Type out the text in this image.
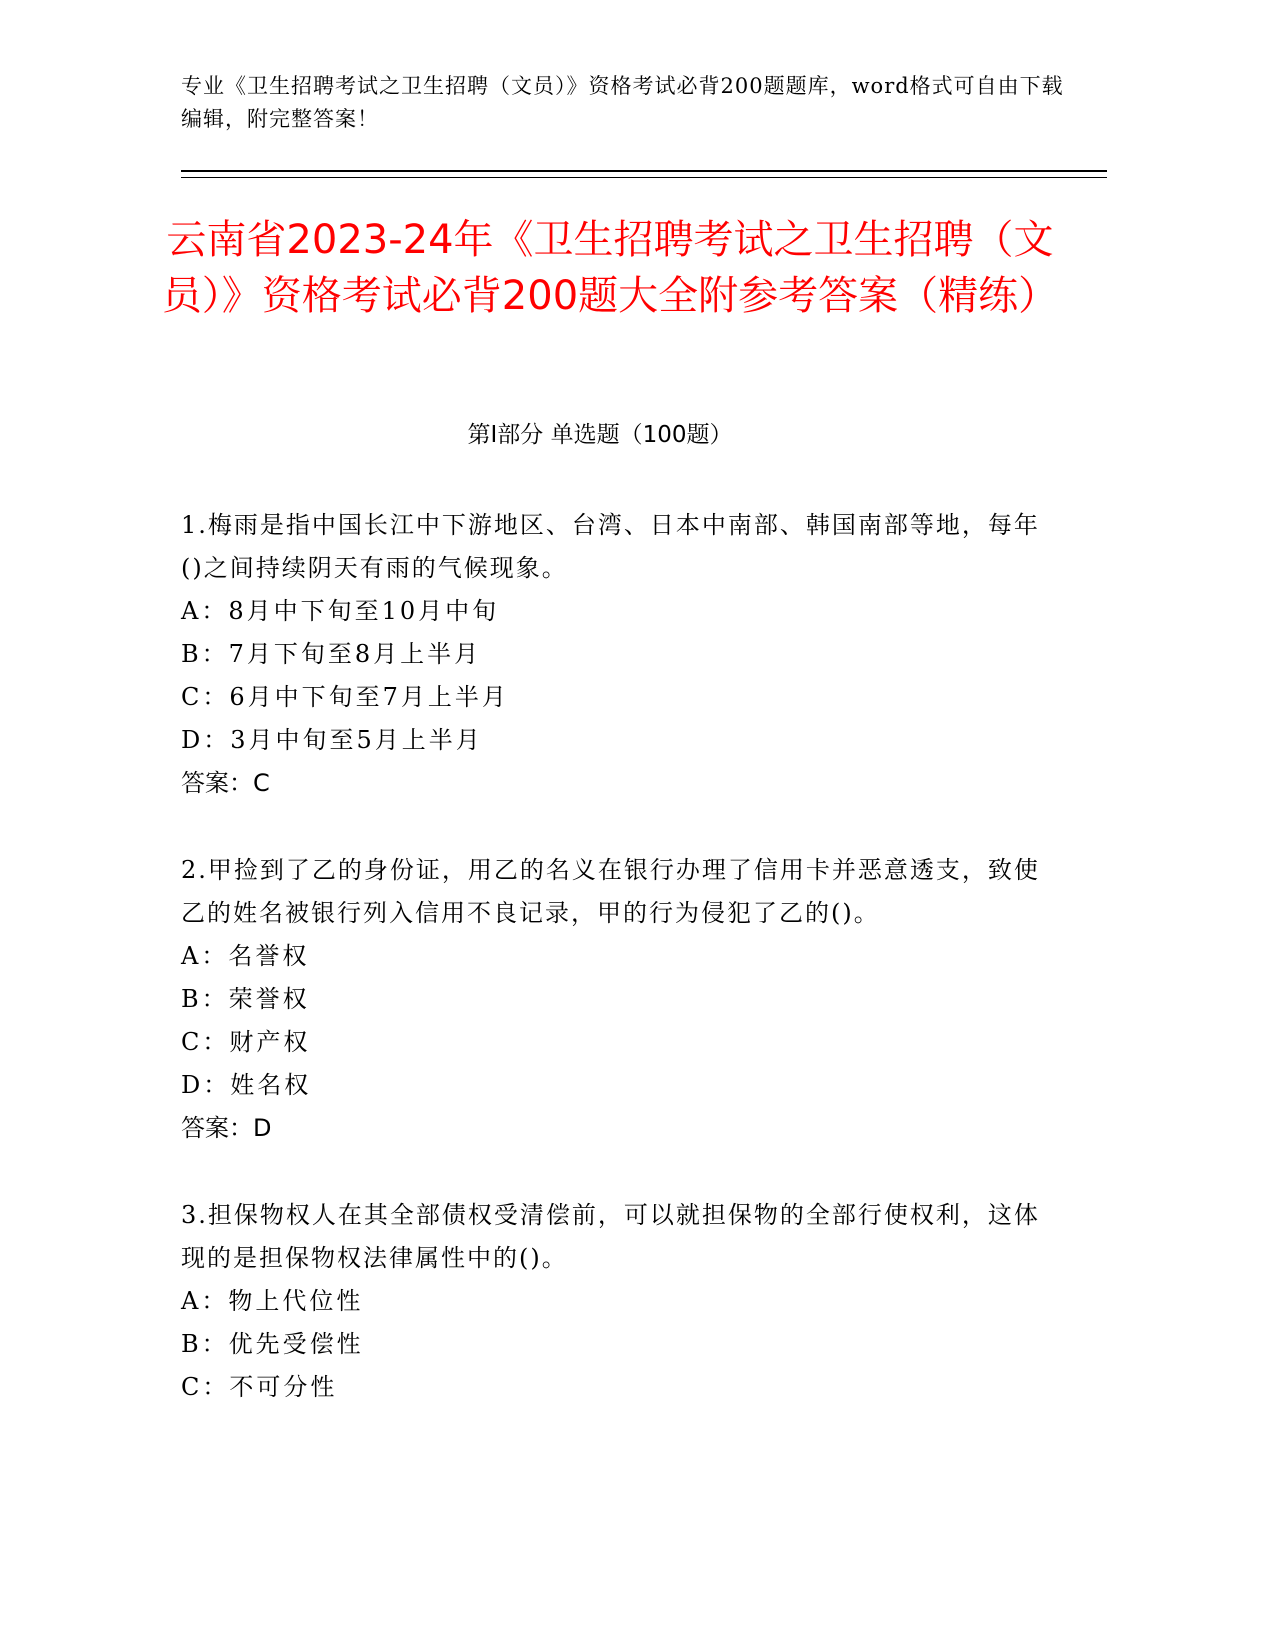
专业《卫生招聘考试之卫生招聘（文员）》资格考试必背200题题库，word格式可自由下载编辑，附完整答案！
云南省2023-24年《卫生招聘考试之卫生招聘（文员）》资格考试必背200题大全附参考答案（精练）
第Ⅰ部分 单选题（100题）
1.梅雨是指中国长江中下游地区、台湾、日本中南部、韩国南部等地，每年()之间持续阴天有雨的气候现象。
A：8月中下旬至10月中旬
B：7月下旬至8月上半月
C：6月中下旬至7月上半月
D：3月中旬至5月上半月
答案：C
2.甲捡到了乙的身份证，用乙的名义在银行办理了信用卡并恶意透支，致使乙的姓名被银行列入信用不良记录，甲的行为侵犯了乙的()。
A：名誉权
B：荣誉权
C：财产权
D：姓名权
答案：D
3.担保物权人在其全部债权受清偿前，可以就担保物的全部行使权利，这体现的是担保物权法律属性中的()。
A：物上代位性
B：优先受偿性
C：不可分性
